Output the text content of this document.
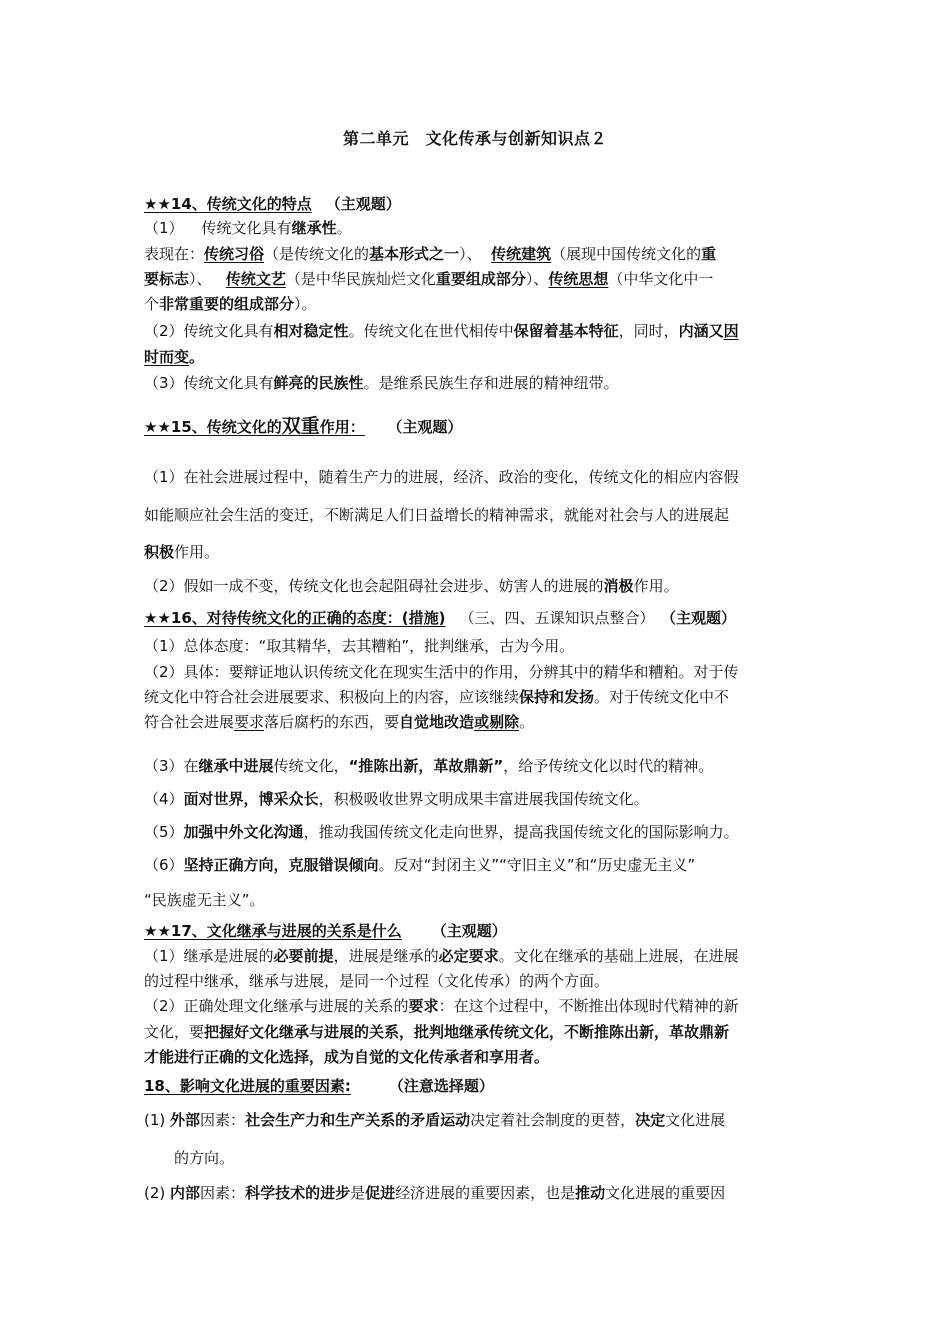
第二单元　文化传承与创新知识点２
★★14、传统文化的特点 （主观题）
（1） 传统文化具有继承性。
表现在：传统习俗（是传统文化的基本形式之一）、 传统建筑（展现中国传统文化的重
要标志）、 传统文艺（是中华民族灿烂文化重要组成部分）、传统思想（中华文化中一
个非常重要的组成部分）。
（2）传统文化具有相对稳定性。传统文化在世代相传中保留着基本特征，同时，内涵又因
时而变。
（3）传统文化具有鲜亮的民族性。是维系民族生存和进展的精神纽带。
★★15、传统文化的双重作用： （主观题）
（1）在社会进展过程中，随着生产力的进展，经济、政治的变化，传统文化的相应内容假
如能顺应社会生活的变迁，不断满足人们日益增长的精神需求，就能对社会与人的进展起
积极作用。
（2）假如一成不变，传统文化也会起阻碍社会进步、妨害人的进展的消极作用。
★★16、对待传统文化的正确的态度：(措施) （三、四、五课知识点整合） （主观题）
（1）总体态度：“取其精华，去其糟粕”，批判继承，古为今用。
（2）具体：要辩证地认识传统文化在现实生活中的作用，分辨其中的精华和糟粕。对于传
统文化中符合社会进展要求、积极向上的内容，应该继续保持和发扬。对于传统文化中不
符合社会进展要求落后腐朽的东西，要自觉地改造或剔除。
（3）在继承中进展传统文化，“推陈出新，革故鼎新”，给予传统文化以时代的精神。
（4）面对世界，博采众长，积极吸收世界文明成果丰富进展我国传统文化。
（5）加强中外文化沟通，推动我国传统文化走向世界，提高我国传统文化的国际影响力。
（6）坚持正确方向，克服错误倾向。反对“封闭主义”“守旧主义”和“历史虚无主义”
“民族虚无主义”。
★★17、文化继承与进展的关系是什么 （主观题）
（1）继承是进展的必要前提，进展是继承的必定要求。文化在继承的基础上进展，在进展
的过程中继承，继承与进展，是同一个过程（文化传承）的两个方面。
（2）正确处理文化继承与进展的关系的要求：在这个过程中，不断推出体现时代精神的新
文化，要把握好文化继承与进展的关系，批判地继承传统文化，不断推陈出新，革故鼎新
才能进行正确的文化选择，成为自觉的文化传承者和享用者。
18、影响文化进展的重要因素:	（注意选择题）
(1) 外部因素：社会生产力和生产关系的矛盾运动决定着社会制度的更替，决定文化进展
的方向。
(2) 内部因素：科学技术的进步是促进经济进展的重要因素，也是推动文化进展的重要因
